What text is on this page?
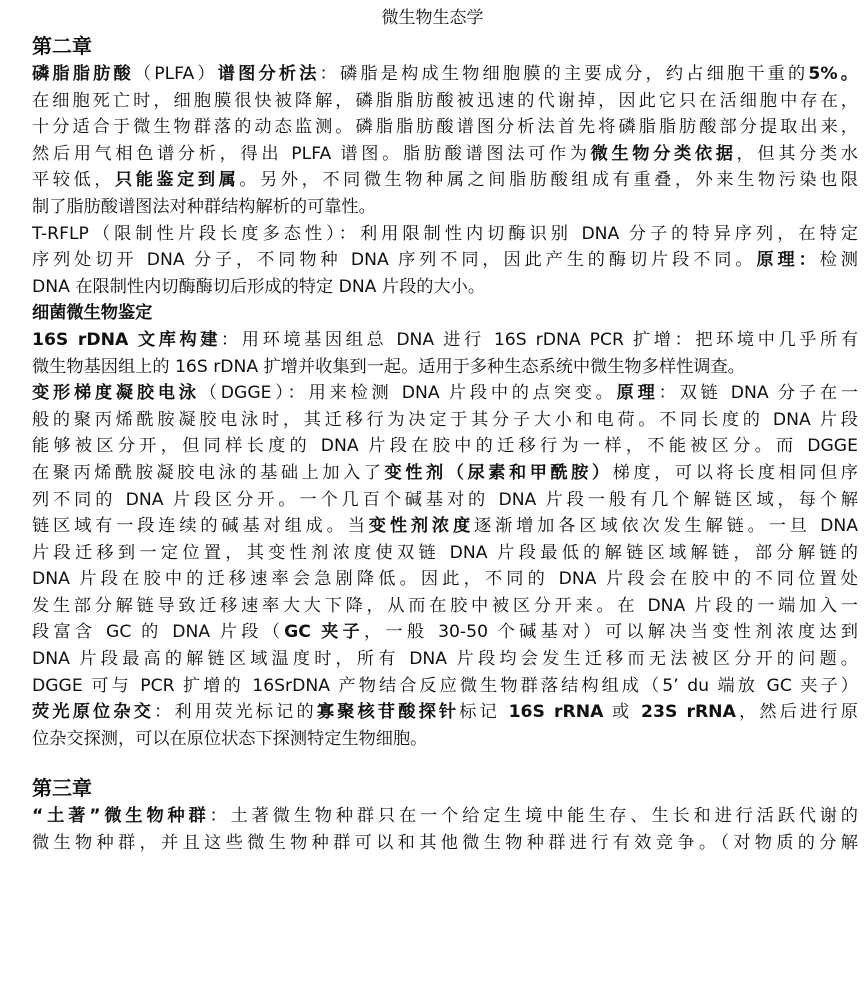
微生物生态学
第二章
磷脂脂肪酸（PLFA）谱图分析法：磷脂是构成生物细胞膜的主要成分，约占细胞干重的5%。
在细胞死亡时，细胞膜很快被降解，磷脂脂肪酸被迅速的代谢掉，因此它只在活细胞中存在，
十分适合于微生物群落的动态监测。磷脂脂肪酸谱图分析法首先将磷脂脂肪酸部分提取出来，
然后用气相色谱分析，得出 PLFA 谱图。脂肪酸谱图法可作为微生物分类依据，但其分类水
平较低，只能鉴定到属。另外，不同微生物种属之间脂肪酸组成有重叠，外来生物污染也限
制了脂肪酸谱图法对种群结构解析的可靠性。
T-RFLP（限制性片段长度多态性）：利用限制性内切酶识别 DNA 分子的特异序列，在特定
序列处切开 DNA 分子，不同物种 DNA 序列不同，因此产生的酶切片段不同。原理：检测
DNA 在限制性内切酶酶切后形成的特定 DNA 片段的大小。
细菌微生物鉴定
16S rDNA 文库构建：用环境基因组总 DNA 进行 16S rDNA PCR 扩增：把环境中几乎所有
微生物基因组上的 16S rDNA 扩增并收集到一起。适用于多种生态系统中微生物多样性调查。
变形梯度凝胶电泳（DGGE）：用来检测 DNA 片段中的点突变。原理：双链 DNA 分子在一
般的聚丙烯酰胺凝胶电泳时，其迁移行为决定于其分子大小和电荷。不同长度的 DNA 片段
能够被区分开，但同样长度的 DNA 片段在胶中的迁移行为一样，不能被区分。而 DGGE
在聚丙烯酰胺凝胶电泳的基础上加入了变性剂（尿素和甲酰胺）梯度，可以将长度相同但序
列不同的 DNA 片段区分开。一个几百个碱基对的 DNA 片段一般有几个解链区域，每个解
链区域有一段连续的碱基对组成。当变性剂浓度逐渐增加各区域依次发生解链。一旦 DNA
片段迁移到一定位置，其变性剂浓度使双链 DNA 片段最低的解链区域解链，部分解链的
DNA 片段在胶中的迁移速率会急剧降低。因此，不同的 DNA 片段会在胶中的不同位置处
发生部分解链导致迁移速率大大下降，从而在胶中被区分开来。在 DNA 片段的一端加入一
段富含 GC 的 DNA 片段（GC 夹子，一般 30-50 个碱基对）可以解决当变性剂浓度达到
DNA 片段最高的解链区域温度时，所有 DNA 片段均会发生迁移而无法被区分开的问题。
DGGE 可与 PCR 扩增的 16SrDNA 产物结合反应微生物群落结构组成（5’ du 端放 GC 夹子）
荧光原位杂交：利用荧光标记的寡聚核苷酸探针标记 16S rRNA 或 23S rRNA，然后进行原
位杂交探测，可以在原位状态下探测特定生物细胞。
第三章
“土著”微生物种群：土著微生物种群只在一个给定生境中能生存、生长和进行活跃代谢的
微生物种群，并且这些微生物种群可以和其他微生物种群进行有效竞争。（对物质的分解
